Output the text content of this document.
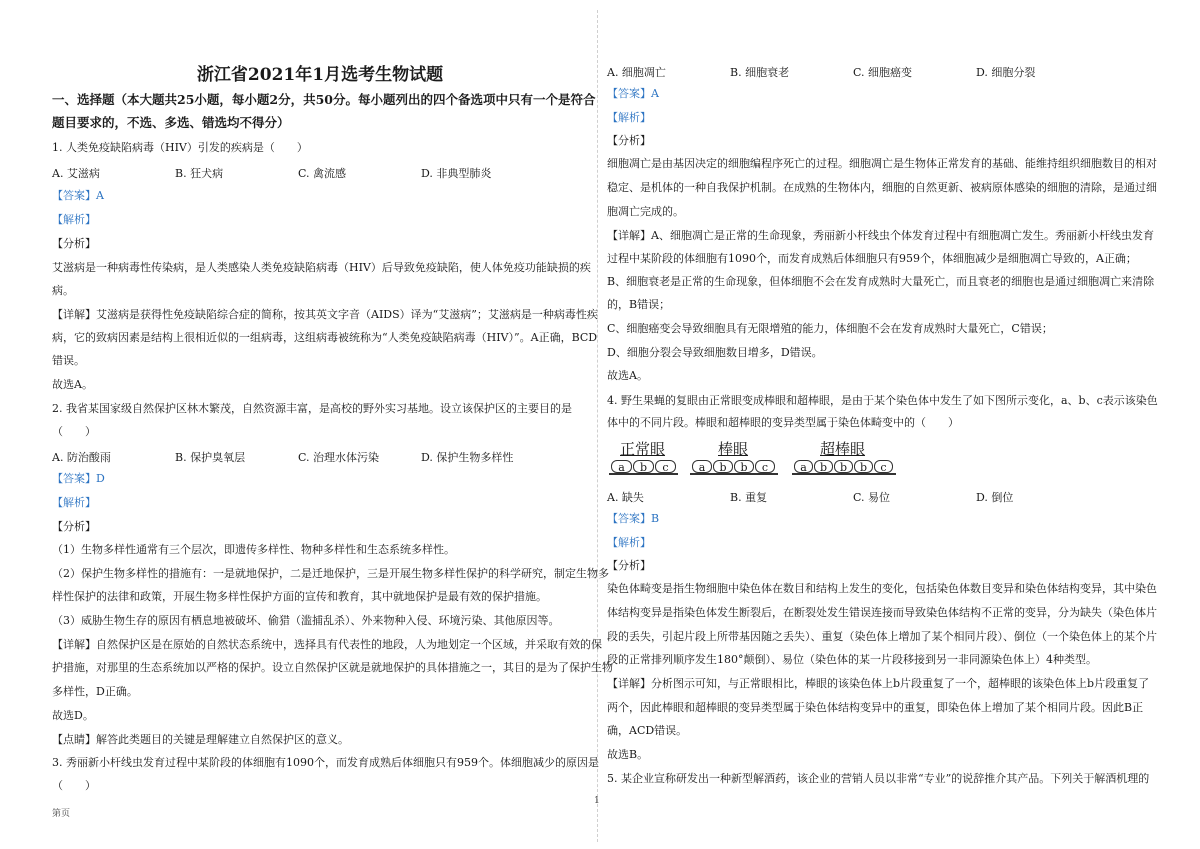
浙江省2021年1月选考生物试题
一、选择题（本大题共25小题，每小题2分，共50分。每小题列出的四个备选项中只有一个是符合
题目要求的，不选、多选、错选均不得分）
1. 人类免疫缺陷病毒（HIV）引发的疾病是（　　）
A. 艾滋病	B. 狂犬病	C. 禽流感	D. 非典型肺炎
【答案】A
【解析】
【分析】
艾滋病是一种病毒性传染病，是人类感染人类免疫缺陷病毒（HIV）后导致免疫缺陷，使人体免疫功能缺损的疾
病。
【详解】艾滋病是获得性免疫缺陷综合症的简称，按其英文字音（AIDS）译为“艾滋病”；艾滋病是一种病毒性疾
病，它的致病因素是结构上很相近似的一组病毒，这组病毒被统称为“人类免疫缺陷病毒（HIV）”。A正确，BCD
错误。
故选A。
2. 我省某国家级自然保护区林木繁茂，自然资源丰富，是高校的野外实习基地。设立该保护区的主要目的是
（　　）
A. 防治酸雨	B. 保护臭氧层	C. 治理水体污染	D. 保护生物多样性
【答案】D
【解析】
【分析】
（1）生物多样性通常有三个层次，即遗传多样性、物种多样性和生态系统多样性。
（2）保护生物多样性的措施有：一是就地保护，二是迁地保护，三是开展生物多样性保护的科学研究，制定生物多
样性保护的法律和政策，开展生物多样性保护方面的宣传和教育，其中就地保护是最有效的保护措施。
（3）威胁生物生存的原因有栖息地被破坏、偷猎（滥捕乱杀）、外来物种入侵、环境污染、其他原因等。
【详解】自然保护区是在原始的自然状态系统中，选择具有代表性的地段，人为地划定一个区域，并采取有效的保
护措施，对那里的生态系统加以严格的保护。设立自然保护区就是就地保护的具体措施之一，其目的是为了保护生物
多样性，D正确。
故选D。
【点睛】解答此类题目的关键是理解建立自然保护区的意义。
3. 秀丽新小杆线虫发育过程中某阶段的体细胞有1090个，而发育成熟后体细胞只有959个。体细胞减少的原因是
（　　）
第页
1
A. 细胞凋亡	B. 细胞衰老	C. 细胞癌变	D. 细胞分裂
【答案】A
【解析】
【分析】
细胞凋亡是由基因决定的细胞编程序死亡的过程。细胞凋亡是生物体正常发育的基础、能维持组织细胞数目的相对
稳定、是机体的一种自我保护机制。在成熟的生物体内，细胞的自然更新、被病原体感染的细胞的清除，是通过细
胞凋亡完成的。
【详解】A、细胞凋亡是正常的生命现象，秀丽新小杆线虫个体发育过程中有细胞凋亡发生。秀丽新小杆线虫发育
过程中某阶段的体细胞有1090个，而发育成熟后体细胞只有959个，体细胞减少是细胞凋亡导致的，A正确；
B、细胞衰老是正常的生命现象，但体细胞不会在发育成熟时大量死亡，而且衰老的细胞也是通过细胞凋亡来清除
的，B错误；
C、细胞癌变会导致细胞具有无限增殖的能力，体细胞不会在发育成熟时大量死亡，C错误；
D、细胞分裂会导致细胞数目增多，D错误。
故选A。
4. 野生果蝇的复眼由正常眼变成棒眼和超棒眼，是由于某个染色体中发生了如下图所示变化，a、b、c表示该染色
体中的不同片段。棒眼和超棒眼的变异类型属于染色体畸变中的（　　）
正常眼	棒眼	超棒眼
a	b	c	a	b	b	c	a	b	b	b	c
A. 缺失	B. 重复	C. 易位	D. 倒位
【答案】B
【解析】
【分析】
染色体畸变是指生物细胞中染色体在数目和结构上发生的变化，包括染色体数目变异和染色体结构变异，其中染色
体结构变异是指染色体发生断裂后，在断裂处发生错误连接而导致染色体结构不正常的变异，分为缺失（染色体片
段的丢失，引起片段上所带基因随之丢失）、重复（染色体上增加了某个相同片段）、倒位（一个染色体上的某个片
段的正常排列顺序发生180°颠倒）、易位（染色体的某一片段移接到另一非同源染色体上）4种类型。
【详解】分析图示可知，与正常眼相比，棒眼的该染色体上b片段重复了一个，超棒眼的该染色体上b片段重复了
两个，因此棒眼和超棒眼的变异类型属于染色体结构变异中的重复，即染色体上增加了某个相同片段。因此B正
确，ACD错误。
故选B。
5. 某企业宣称研发出一种新型解酒药，该企业的营销人员以非常“专业”的说辞推介其产品。下列关于解酒机理的
